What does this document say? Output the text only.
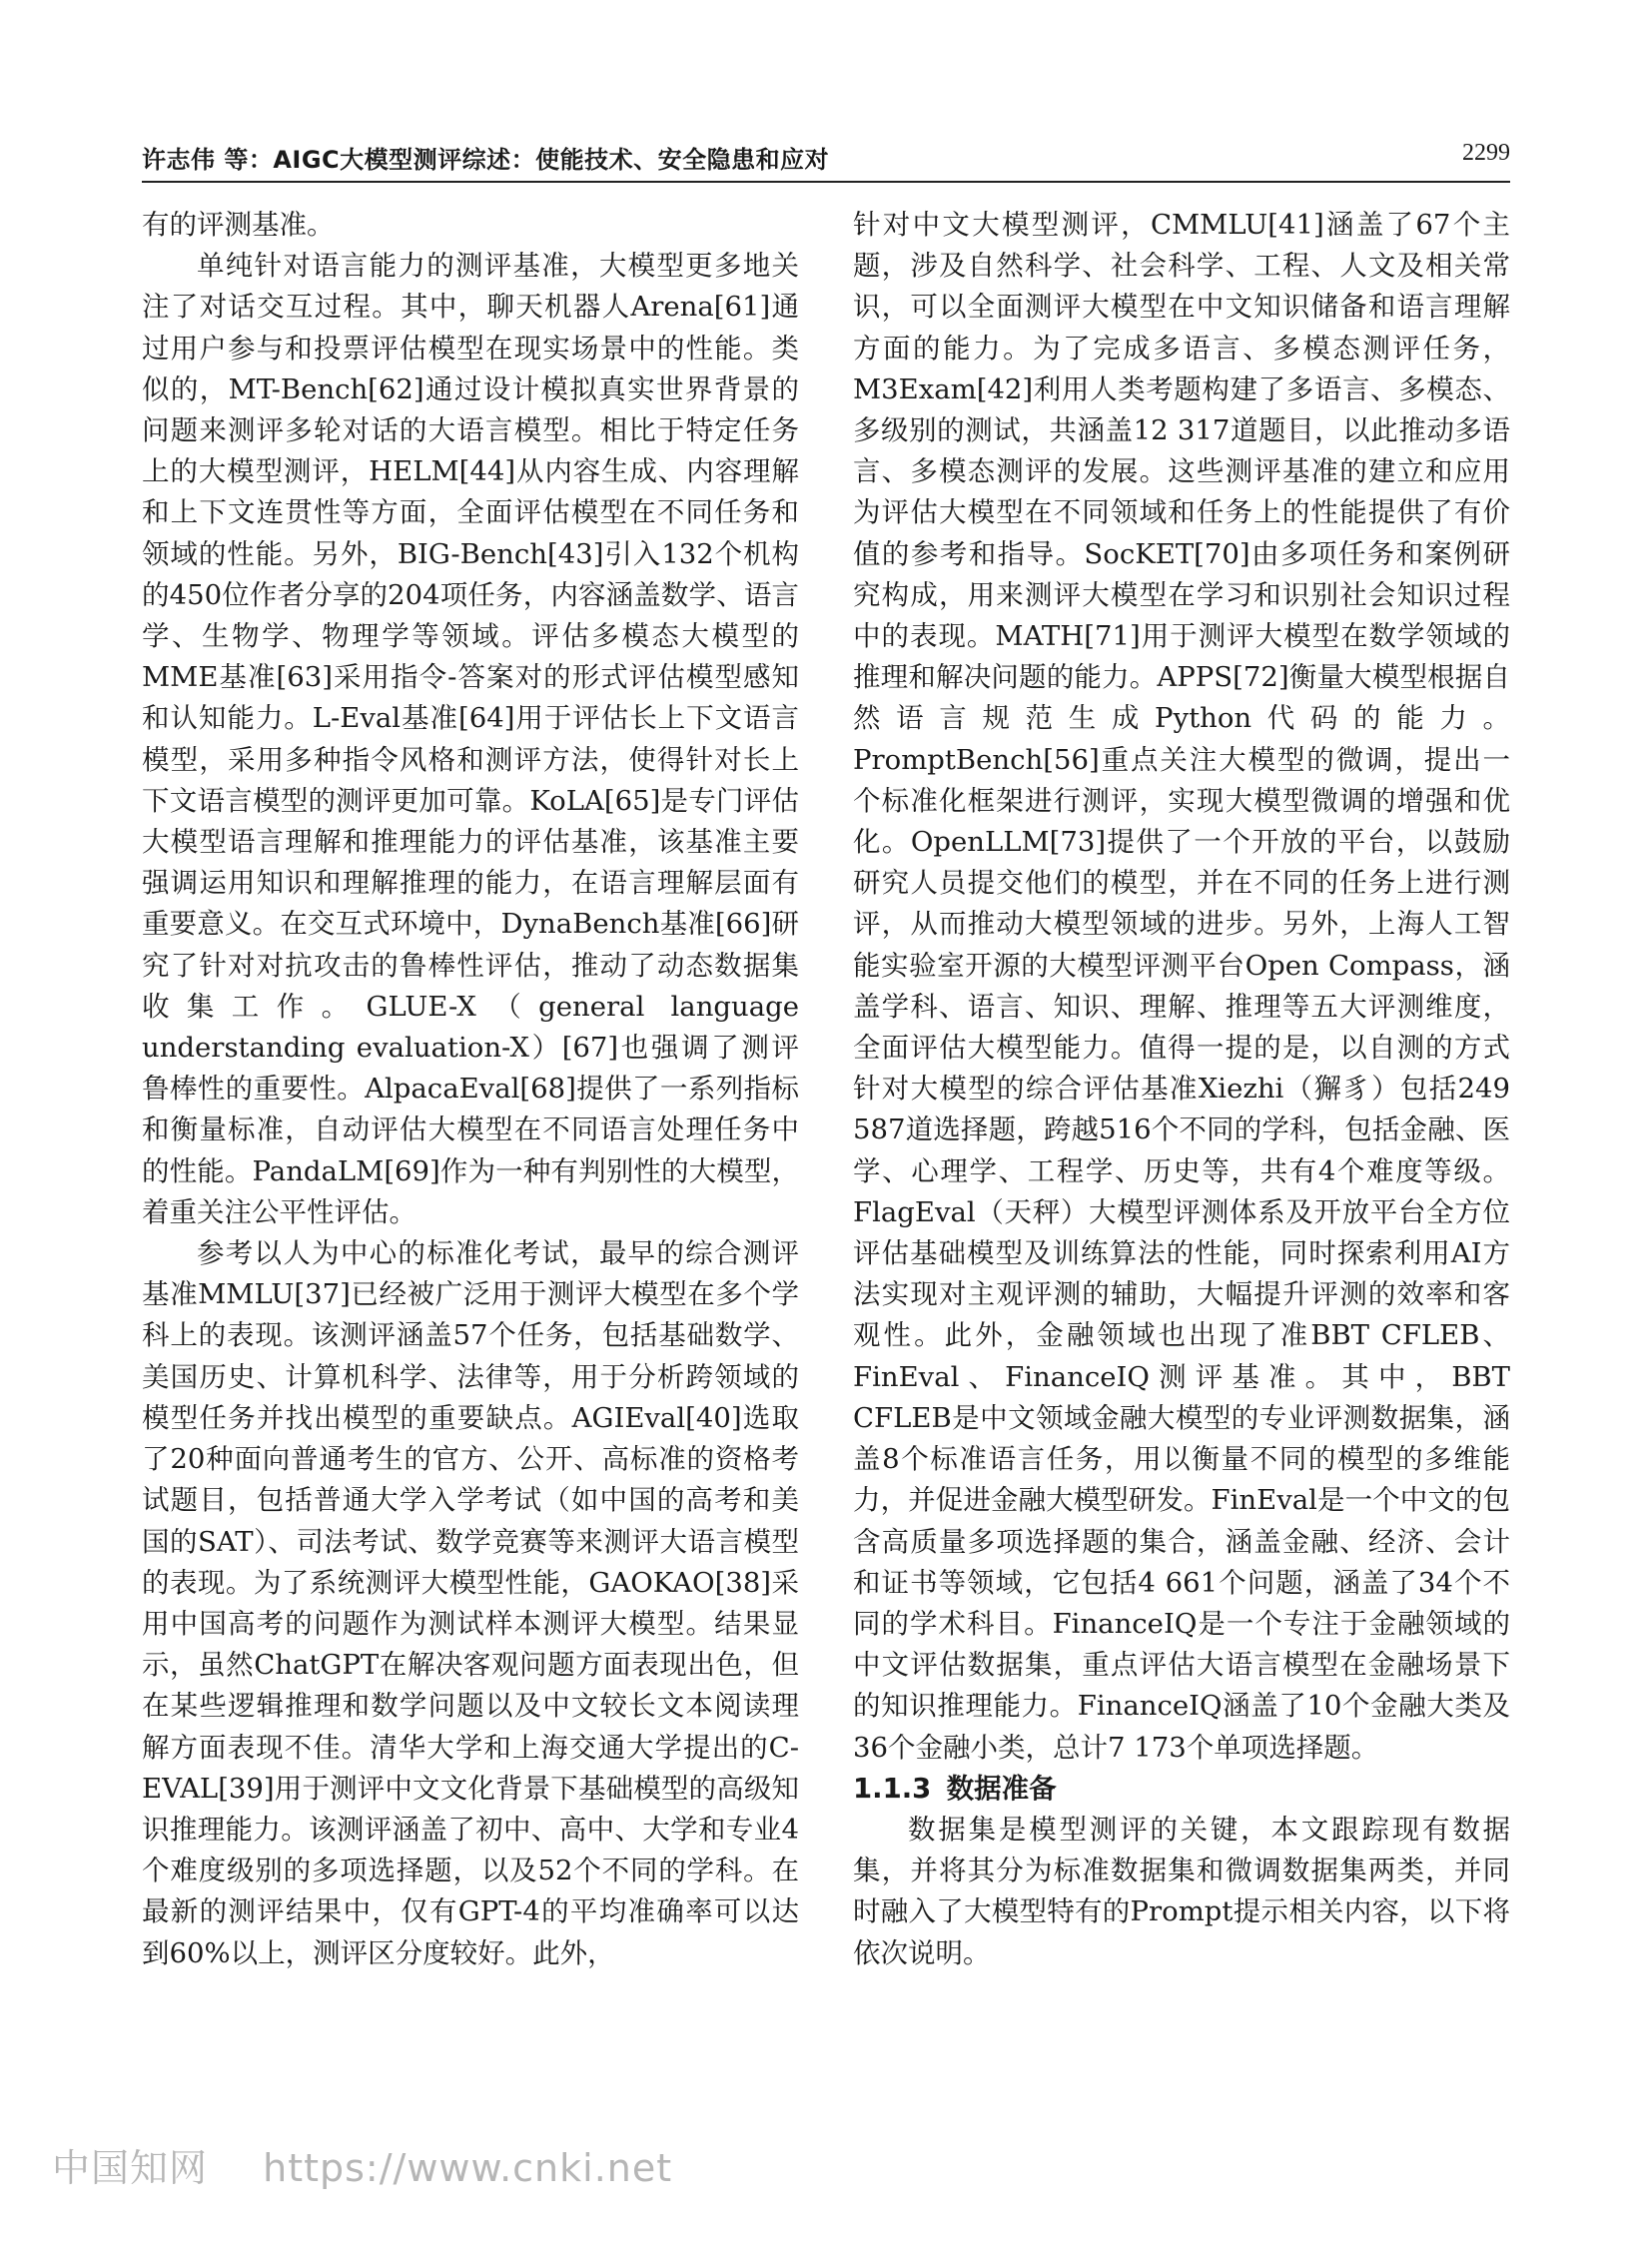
许志伟 等：AIGC大模型测评综述：使能技术、安全隐患和应对	2299

有的评测基准。

单纯针对语言能力的测评基准，大模型更多地关注了对话交互过程。其中，聊天机器人Arena[61]通过用户参与和投票评估模型在现实场景中的性能。类似的，MT-Bench[62]通过设计模拟真实世界背景的问题来测评多轮对话的大语言模型。相比于特定任务上的大模型测评，HELM[44]从内容生成、内容理解和上下文连贯性等方面，全面评估模型在不同任务和领域的性能。另外，BIG-Bench[43]引入132个机构的450位作者分享的204项任务，内容涵盖数学、语言学、生物学、物理学等领域。评估多模态大模型的MME基准[63]采用指令-答案对的形式评估模型感知和认知能力。L-Eval基准[64]用于评估长上下文语言模型，采用多种指令风格和测评方法，使得针对长上下文语言模型的测评更加可靠。KoLA[65]是专门评估大模型语言理解和推理能力的评估基准，该基准主要强调运用知识和理解推理的能力，在语言理解层面有重要意义。在交互式环境中，DynaBench基准[66]研究了针对对抗攻击的鲁棒性评估，推动了动态数据集收集工作。GLUE-X（general language understanding evaluation-X）[67]也强调了测评鲁棒性的重要性。AlpacaEval[68]提供了一系列指标和衡量标准，自动评估大模型在不同语言处理任务中的性能。PandaLM[69]作为一种有判别性的大模型，着重关注公平性评估。

参考以人为中心的标准化考试，最早的综合测评基准MMLU[37]已经被广泛用于测评大模型在多个学科上的表现。该测评涵盖57个任务，包括基础数学、美国历史、计算机科学、法律等，用于分析跨领域的模型任务并找出模型的重要缺点。AGIEval[40]选取了20种面向普通考生的官方、公开、高标准的资格考试题目，包括普通大学入学考试（如中国的高考和美国的SAT）、司法考试、数学竞赛等来测评大语言模型的表现。为了系统测评大模型性能，GAOKAO[38]采用中国高考的问题作为测试样本测评大模型。结果显示，虽然ChatGPT在解决客观问题方面表现出色，但在某些逻辑推理和数学问题以及中文较长文本阅读理解方面表现不佳。清华大学和上海交通大学提出的C-EVAL[39]用于测评中文文化背景下基础模型的高级知识推理能力。该测评涵盖了初中、高中、大学和专业4个难度级别的多项选择题，以及52个不同的学科。在最新的测评结果中，仅有GPT-4的平均准确率可以达到60%以上，测评区分度较好。此外，

针对中文大模型测评，CMMLU[41]涵盖了67个主题，涉及自然科学、社会科学、工程、人文及相关常识，可以全面测评大模型在中文知识储备和语言理解方面的能力。为了完成多语言、多模态测评任务，M3Exam[42]利用人类考题构建了多语言、多模态、多级别的测试，共涵盖12 317道题目，以此推动多语言、多模态测评的发展。这些测评基准的建立和应用为评估大模型在不同领域和任务上的性能提供了有价值的参考和指导。SocKET[70]由多项任务和案例研究构成，用来测评大模型在学习和识别社会知识过程中的表现。MATH[71]用于测评大模型在数学领域的推理和解决问题的能力。APPS[72]衡量大模型根据自然语言规范生成Python代码的能力。PromptBench[56]重点关注大模型的微调，提出一个标准化框架进行测评，实现大模型微调的增强和优化。OpenLLM[73]提供了一个开放的平台，以鼓励研究人员提交他们的模型，并在不同的任务上进行测评，从而推动大模型领域的进步。另外，上海人工智能实验室开源的大模型评测平台Open Compass，涵盖学科、语言、知识、理解、推理等五大评测维度，全面评估大模型能力。值得一提的是，以自测的方式针对大模型的综合评估基准Xiezhi（獬豸）包括249 587道选择题，跨越516个不同的学科，包括金融、医学、心理学、工程学、历史等，共有4个难度等级。FlagEval（天秤）大模型评测体系及开放平台全方位评估基础模型及训练算法的性能，同时探索利用AI方法实现对主观评测的辅助，大幅提升评测的效率和客观性。此外，金融领域也出现了准BBT CFLEB、FinEval、FinanceIQ测评基准。其中，BBT CFLEB是中文领域金融大模型的专业评测数据集，涵盖8个标准语言任务，用以衡量不同的模型的多维能力，并促进金融大模型研发。FinEval是一个中文的包含高质量多项选择题的集合，涵盖金融、经济、会计和证书等领域，它包括4 661个问题，涵盖了34个不同的学术科目。FinanceIQ是一个专注于金融领域的中文评估数据集，重点评估大语言模型在金融场景下的知识推理能力。FinanceIQ涵盖了10个金融大类及36个金融小类，总计7 173个单项选择题。

1.1.3 数据准备

数据集是模型测评的关键，本文跟踪现有数据集，并将其分为标准数据集和微调数据集两类，并同时融入了大模型特有的Prompt提示相关内容，以下将依次说明。

中国知网 https://www.cnki.net
